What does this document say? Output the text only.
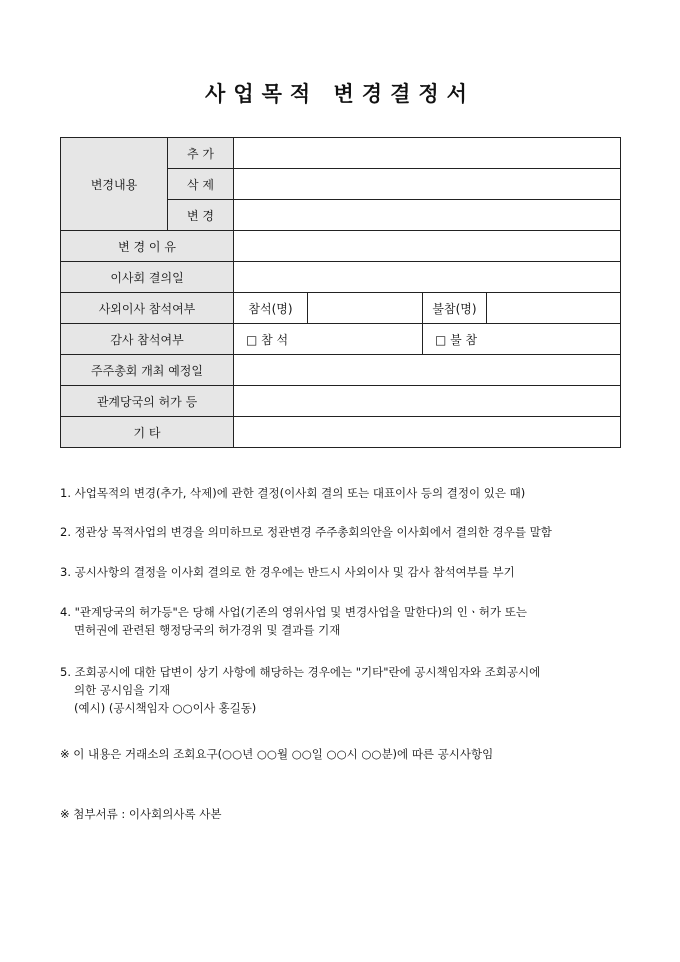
사업목적 변경결정서
변경내용	추 가				
	삭 제				
	변 경				
변 경 이 유					
이사회 결의일					
사외이사 참석여부		참석(명)		불참(명)	
감사 참석여부		□ 참 석		□ 불 참	
주주총회 개최 예정일					
관계당국의 허가 등					
기 타					
1. 사업목적의 변경(추가, 삭제)에 관한 결정(이사회 결의 또는 대표이사 등의 결정이 있은 때)
2. 정관상 목적사업의 변경을 의미하므로 정관변경 주주총회의안을 이사회에서 결의한 경우를 말함
3. 공시사항의 결정을 이사회 결의로 한 경우에는 반드시 사외이사 및 감사 참석여부를 부기
4. "관계당국의 허가등"은 당해 사업(기존의 영위사업 및 변경사업을 말한다)의 인ㆍ허가 또는
면허권에 관련된 행정당국의 허가경위 및 결과를 기재
5. 조회공시에 대한 답변이 상기 사항에 해당하는 경우에는 "기타"란에 공시책임자와 조회공시에
의한 공시임을 기재
(예시) (공시책임자 ○○이사 홍길동)
※ 이 내용은 거래소의 조회요구(○○년 ○○월 ○○일 ○○시 ○○분)에 따른 공시사항임
※ 첨부서류 : 이사회의사록 사본
